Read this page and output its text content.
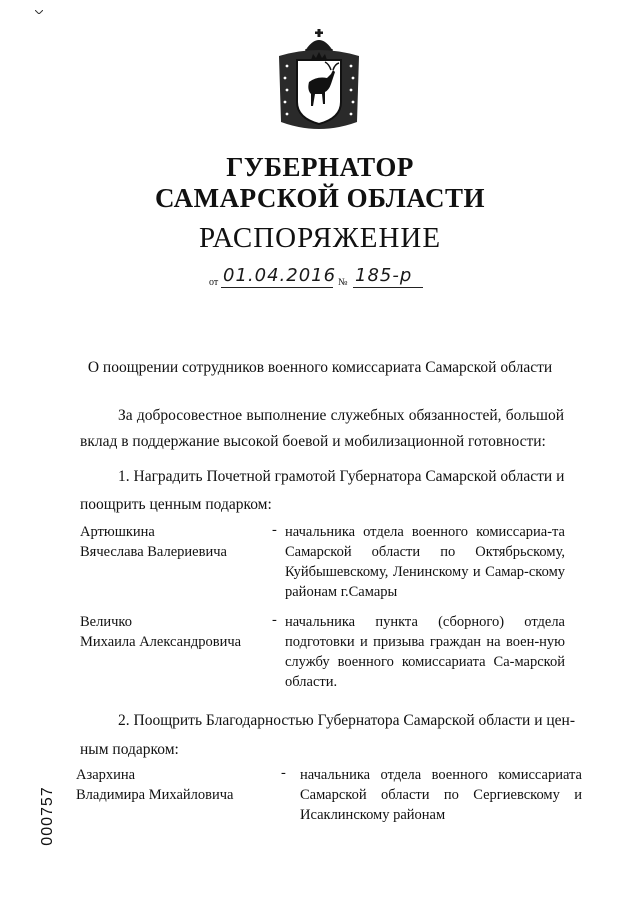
ГУБЕРНАТОР
САМАРСКОЙ ОБЛАСТИ
РАСПОРЯЖЕНИЕ
от 01.04.2016 № 185-р
О поощрении сотрудников военного комиссариата Самарской области
За добросовестное выполнение служебных обязанностей, большой вклад в поддержание высокой боевой и мобилизационной готовности:
1. Наградить Почетной грамотой Губернатора Самарской области и
поощрить ценным подарком:
Артюшкина
Вячеслава Валериевича
- начальника отдела военного комиссариа-та Самарской области по Октябрьскому, Куйбышевскому, Ленинскому и Самар-скому районам г.Самары
Величко
Михаила Александровича
- начальника пункта (сборного) отдела подготовки и призыва граждан на воен-ную службу военного комиссариата Са-марской области.
2. Поощрить Благодарностью Губернатора Самарской области и цен-
ным подарком:
Азархина
Владимира Михайловича
- начальника отдела военного комиссариата Самарской области по Сергиевскому и Исаклинскому районам
000757
